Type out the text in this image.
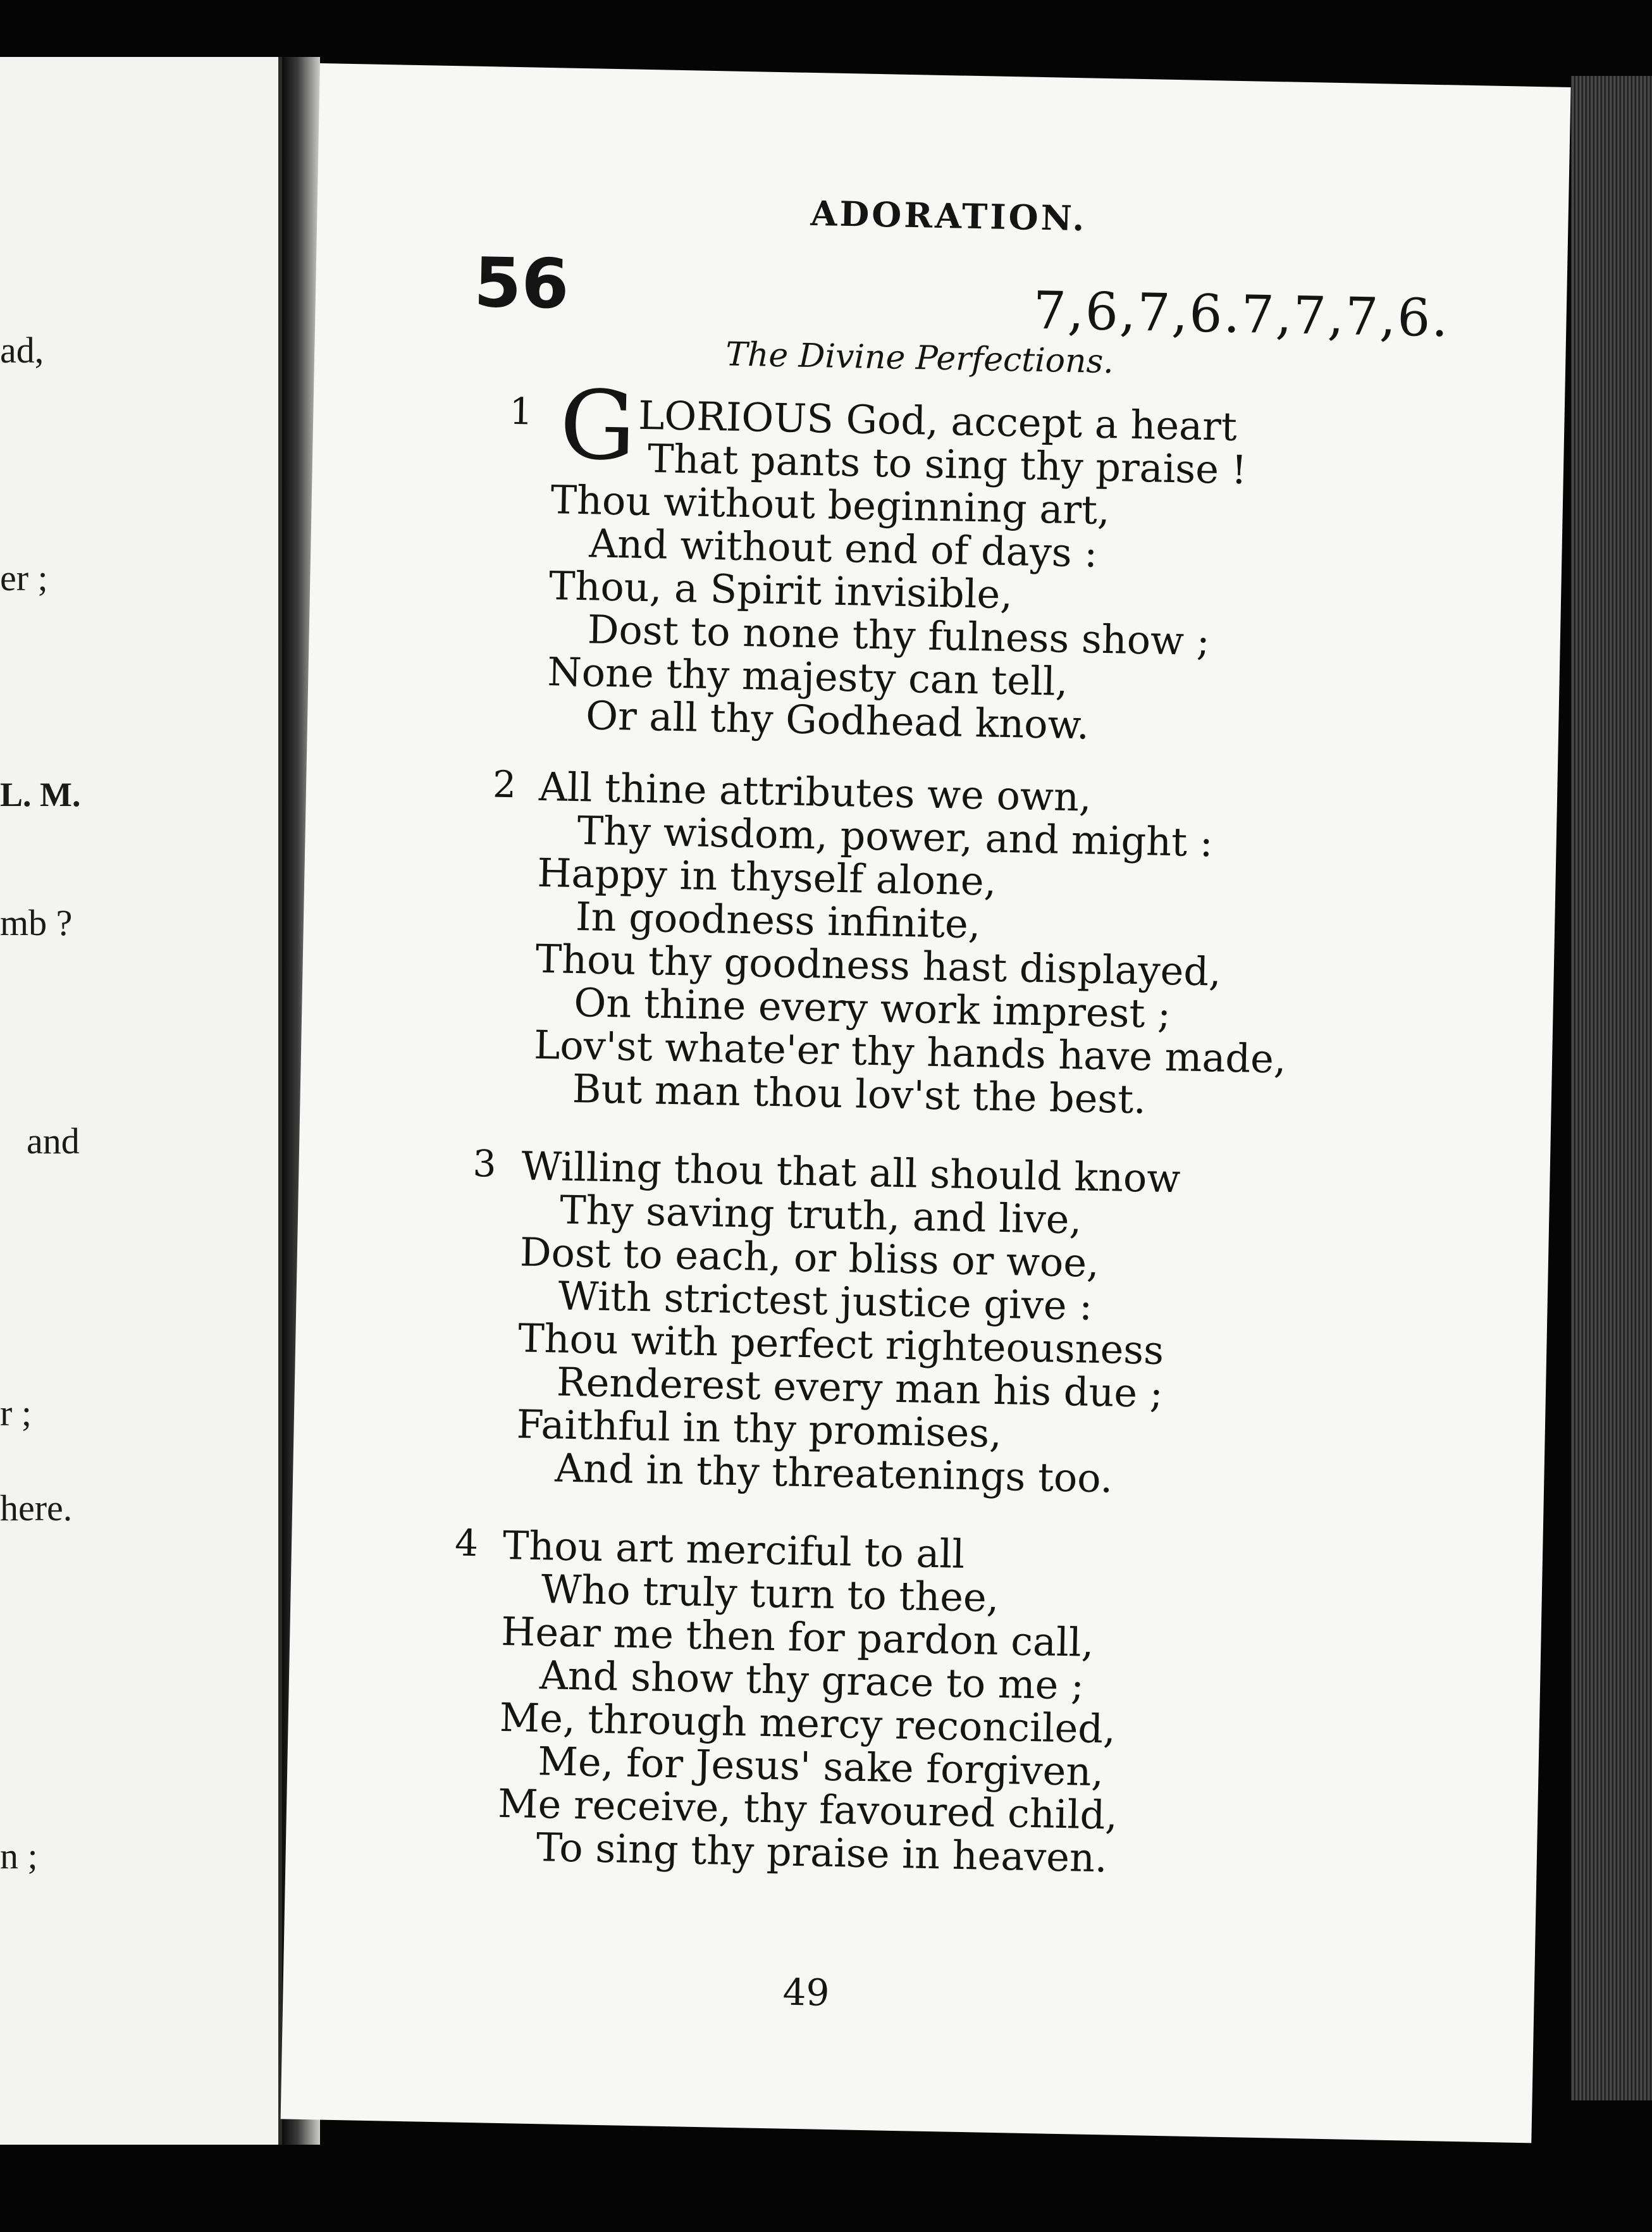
ad,
er ;
L. M.
mb ?
and
r ;
here.
n ;
ADORATION.
56	7,6,7,6.7,7,7,6.
The Divine Perfections.
1 GLORIOUS God, accept a heart
That pants to sing thy praise !
Thou without beginning art,
And without end of days :
Thou, a Spirit invisible,
Dost to none thy fulness show ;
None thy majesty can tell,
Or all thy Godhead know.
2 All thine attributes we own,
Thy wisdom, power, and might :
Happy in thyself alone,
In goodness infinite,
Thou thy goodness hast displayed,
On thine every work imprest ;
Lov'st whate'er thy hands have made,
But man thou lov'st the best.
3 Willing thou that all should know
Thy saving truth, and live,
Dost to each, or bliss or woe,
With strictest justice give :
Thou with perfect righteousness
Renderest every man his due ;
Faithful in thy promises,
And in thy threatenings too.
4 Thou art merciful to all
Who truly turn to thee,
Hear me then for pardon call,
And show thy grace to me ;
Me, through mercy reconciled,
Me, for Jesus' sake forgiven,
Me receive, thy favoured child,
To sing thy praise in heaven.
49
